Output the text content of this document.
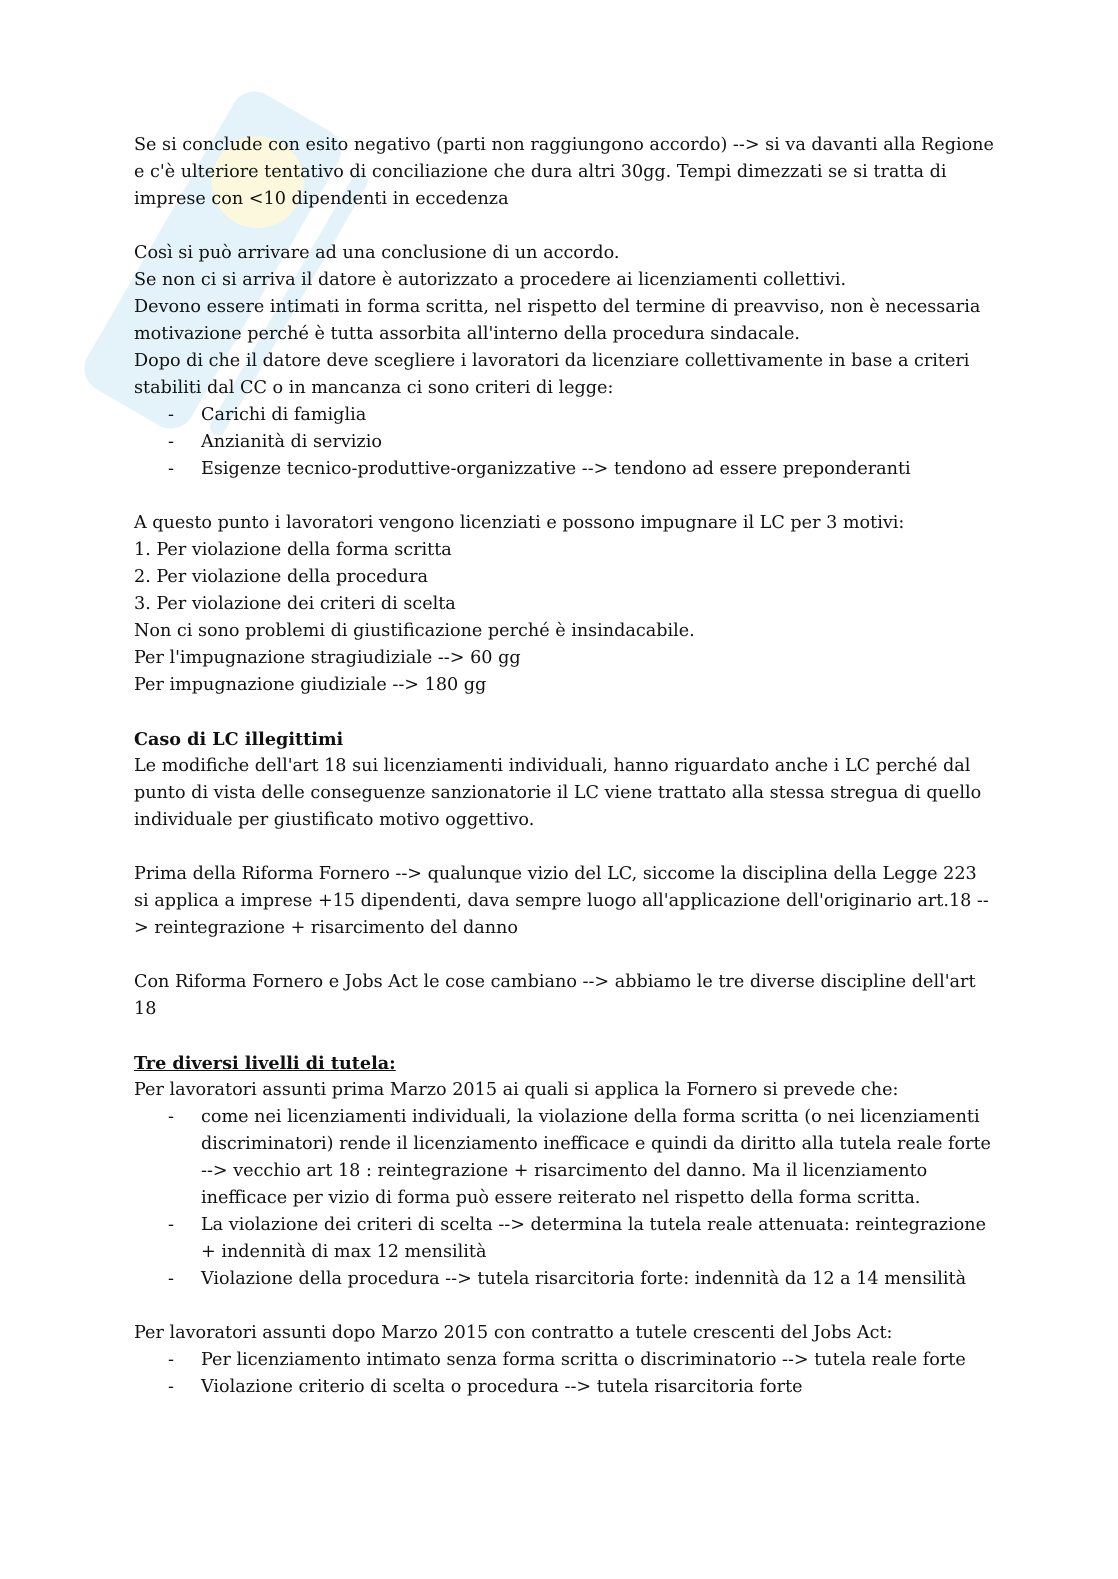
Se si conclude con esito negativo (parti non raggiungono accordo) --> si va davanti alla Regione e c'è ulteriore tentativo di conciliazione che dura altri 30gg. Tempi dimezzati se si tratta di imprese con <10 dipendenti in eccedenza

Così si può arrivare ad una conclusione di un accordo.

Se non ci si arriva il datore è autorizzato a procedere ai licenziamenti collettivi.

Devono essere intimati in forma scritta, nel rispetto del termine di preavviso, non è necessaria motivazione perché è tutta assorbita all'interno della procedura sindacale.

Dopo di che il datore deve scegliere i lavoratori da licenziare collettivamente in base a criteri stabiliti dal CC o in mancanza ci sono criteri di legge:

- Carichi di famiglia
- Anzianità di servizio
- Esigenze tecnico-produttive-organizzative --> tendono ad essere preponderanti

A questo punto i lavoratori vengono licenziati e possono impugnare il LC per 3 motivi:

1. Per violazione della forma scritta

2. Per violazione della procedura

3. Per violazione dei criteri di scelta

Non ci sono problemi di giustificazione perché è insindacabile.

Per l'impugnazione stragiudiziale --> 60 gg

Per impugnazione giudiziale --> 180 gg

Caso di LC illegittimi

Le modifiche dell'art 18 sui licenziamenti individuali, hanno riguardato anche i LC perché dal punto di vista delle conseguenze sanzionatorie il LC viene trattato alla stessa stregua di quello individuale per giustificato motivo oggettivo.

Prima della Riforma Fornero --> qualunque vizio del LC, siccome la disciplina della Legge 223 si applica a imprese +15 dipendenti, dava sempre luogo all'applicazione dell'originario art.18 --> reintegrazione + risarcimento del danno

Con Riforma Fornero e Jobs Act le cose cambiano --> abbiamo le tre diverse discipline dell'art 18

Tre diversi livelli di tutela:

Per lavoratori assunti prima Marzo 2015 ai quali si applica la Fornero si prevede che:

- come nei licenziamenti individuali, la violazione della forma scritta (o nei licenziamenti discriminatori) rende il licenziamento inefficace e quindi da diritto alla tutela reale forte --> vecchio art 18 : reintegrazione + risarcimento del danno. Ma il licenziamento inefficace per vizio di forma può essere reiterato nel rispetto della forma scritta.
- La violazione dei criteri di scelta --> determina la tutela reale attenuata: reintegrazione + indennità di max 12 mensilità
- Violazione della procedura --> tutela risarcitoria forte: indennità da 12 a 14 mensilità

Per lavoratori assunti dopo Marzo 2015 con contratto a tutele crescenti del Jobs Act:

- Per licenziamento intimato senza forma scritta o discriminatorio --> tutela reale forte
- Violazione criterio di scelta o procedura --> tutela risarcitoria forte
